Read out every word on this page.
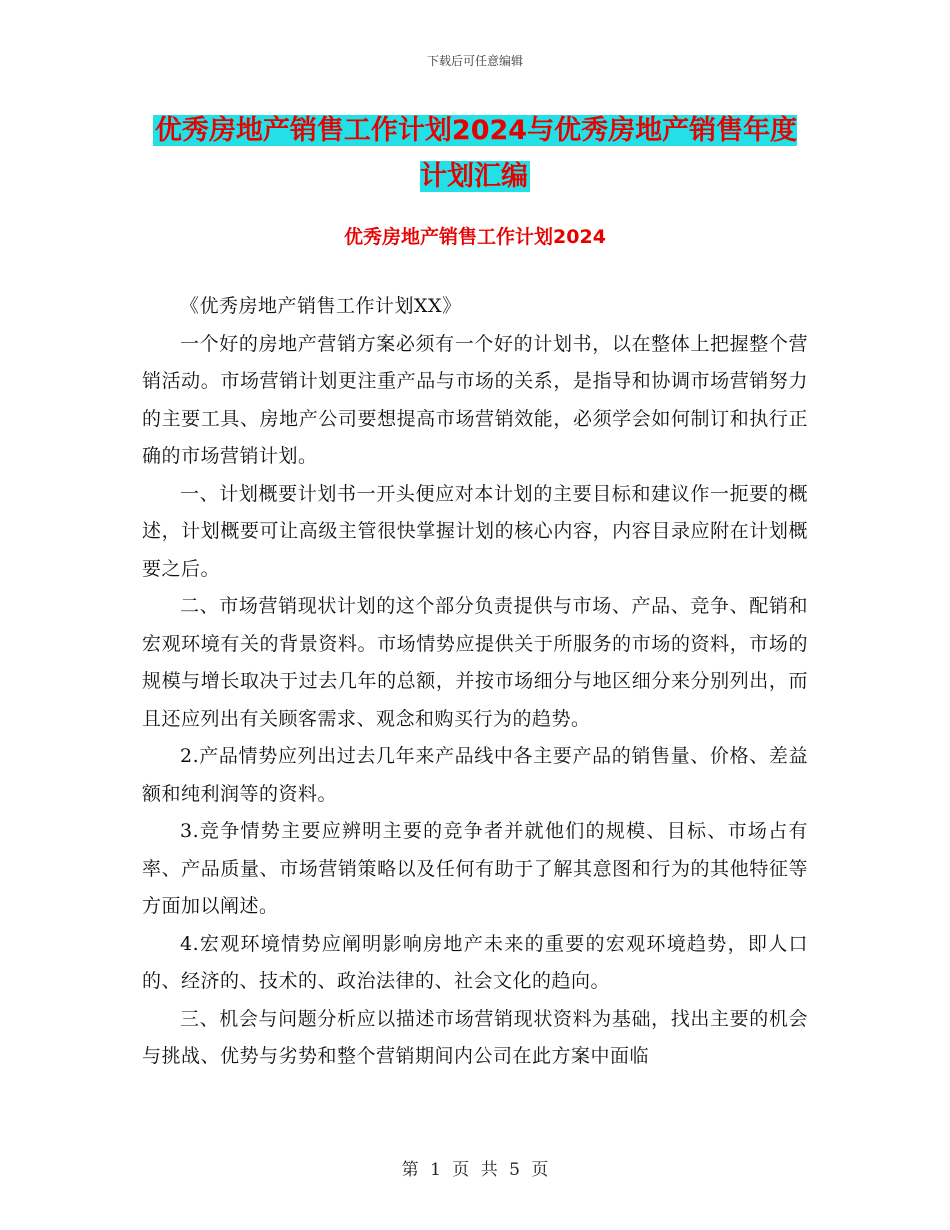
下载后可任意编辑
优秀房地产销售工作计划2024与优秀房地产销售年度计划汇编
优秀房地产销售工作计划2024

《优秀房地产销售工作计划XX》

一个好的房地产营销方案必须有一个好的计划书，以在整体上把握整个营销活动。市场营销计划更注重产品与市场的关系，是指导和协调市场营销努力的主要工具、房地产公司要想提高市场营销效能，必须学会如何制订和执行正确的市场营销计划。

一、计划概要计划书一开头便应对本计划的主要目标和建议作一扼要的概述，计划概要可让高级主管很快掌握计划的核心内容，内容目录应附在计划概要之后。

二、市场营销现状计划的这个部分负责提供与市场、产品、竞争、配销和宏观环境有关的背景资料。市场情势应提供关于所服务的市场的资料，市场的规模与增长取决于过去几年的总额，并按市场细分与地区细分来分别列出，而且还应列出有关顾客需求、观念和购买行为的趋势。

2.产品情势应列出过去几年来产品线中各主要产品的销售量、价格、差益额和纯利润等的资料。

3.竞争情势主要应辨明主要的竞争者并就他们的规模、目标、市场占有率、产品质量、市场营销策略以及任何有助于了解其意图和行为的其他特征等方面加以阐述。

4.宏观环境情势应阐明影响房地产未来的重要的宏观环境趋势，即人口的、经济的、技术的、政治法律的、社会文化的趋向。

三、机会与问题分析应以描述市场营销现状资料为基础，找出主要的机会与挑战、优势与劣势和整个营销期间内公司在此方案中面临

第 1 页 共 5 页
